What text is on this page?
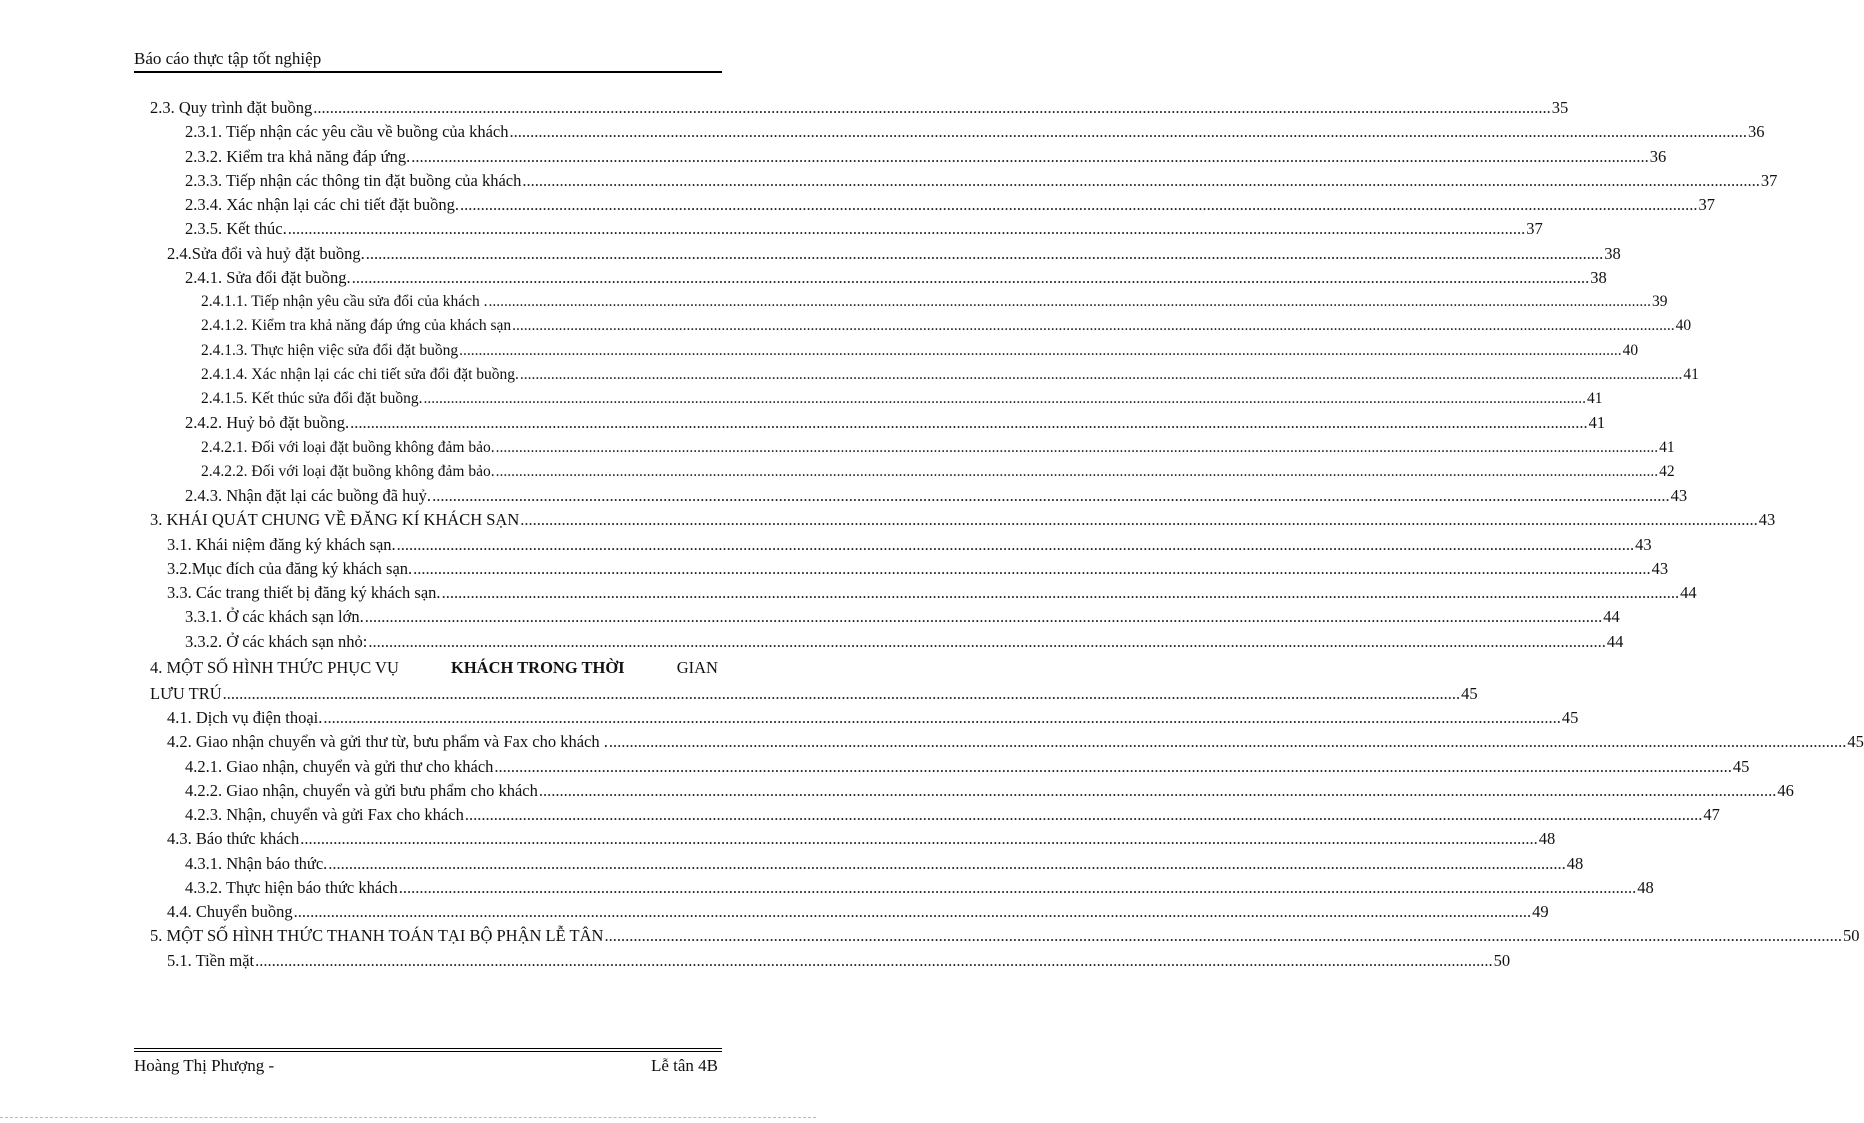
Báo cáo thực tập tốt nghiệp
2.3. Quy trình đặt buồng ............................................................................................................................................................................................................................................................................................................ 35
2.3.1. Tiếp nhận các yêu cầu về buồng của khách ............................................................................................................................................................................................................................................................................................................ 36
2.3.2. Kiểm tra khả năng đáp ứng. ............................................................................................................................................................................................................................................................................................................ 36
2.3.3. Tiếp nhận các thông tin đặt buồng của khách ............................................................................................................................................................................................................................................................................................................ 37
2.3.4. Xác nhận lại các chi tiết đặt buồng. ............................................................................................................................................................................................................................................................................................................ 37
2.3.5. Kết thúc. ............................................................................................................................................................................................................................................................................................................ 37
2.4.Sửa đổi và huỷ đặt buồng. ............................................................................................................................................................................................................................................................................................................ 38
2.4.1. Sửa đổi đặt buồng. ............................................................................................................................................................................................................................................................................................................ 38
2.4.1.1. Tiếp nhận yêu cầu sửa đổi của khách . ............................................................................................................................................................................................................................................................................................................ 39
2.4.1.2. Kiểm tra khả năng đáp ứng của khách sạn ............................................................................................................................................................................................................................................................................................................ 40
2.4.1.3. Thực hiện việc sửa đổi đặt buồng ............................................................................................................................................................................................................................................................................................................ 40
2.4.1.4. Xác nhận lại các chi tiết sửa đổi đặt buồng. ............................................................................................................................................................................................................................................................................................................ 41
2.4.1.5. Kết thúc sửa đổi đặt buồng. ............................................................................................................................................................................................................................................................................................................ 41
2.4.2. Huỷ bỏ đặt buồng. ............................................................................................................................................................................................................................................................................................................ 41
2.4.2.1. Đối với loại đặt buồng không đảm bảo. ............................................................................................................................................................................................................................................................................................................ 41
2.4.2.2. Đối với loại đặt buồng không đảm bảo. ............................................................................................................................................................................................................................................................................................................ 42
2.4.3. Nhận đặt lại các buồng đã huỷ. ............................................................................................................................................................................................................................................................................................................ 43
3. KHÁI QUÁT CHUNG VỀ ĐĂNG KÍ KHÁCH SẠN ............................................................................................................................................................................................................................................................................................................ 43
3.1. Khái niệm đăng ký khách sạn. ............................................................................................................................................................................................................................................................................................................ 43
3.2.Mục đích của đăng ký khách sạn. ............................................................................................................................................................................................................................................................................................................ 43
3.3. Các trang thiết bị đăng ký khách sạn. ............................................................................................................................................................................................................................................................................................................ 44
3.3.1. Ở các khách sạn lớn. ............................................................................................................................................................................................................................................................................................................ 44
3.3.2. Ở các khách sạn nhỏ: ............................................................................................................................................................................................................................................................................................................ 44
4. MỘT SỐ HÌNH THỨC PHỤC VỤ	KHÁCH TRONG THỜI	GIAN
LƯU TRÚ ............................................................................................................................................................................................................................................................................................................ 45
4.1. Dịch vụ điện thoại. ............................................................................................................................................................................................................................................................................................................ 45
4.2. Giao nhận chuyển và gửi thư từ, bưu phẩm và Fax cho khách . ............................................................................................................................................................................................................................................................................................................ 45
4.2.1. Giao nhận, chuyển và gửi thư cho khách ............................................................................................................................................................................................................................................................................................................ 45
4.2.2. Giao nhận, chuyển và gửi bưu phẩm cho khách ............................................................................................................................................................................................................................................................................................................ 46
4.2.3. Nhận, chuyển và gửi Fax cho khách ............................................................................................................................................................................................................................................................................................................ 47
4.3. Báo thức khách ............................................................................................................................................................................................................................................................................................................ 48
4.3.1. Nhận báo thức. ............................................................................................................................................................................................................................................................................................................ 48
4.3.2. Thực hiện báo thức khách ............................................................................................................................................................................................................................................................................................................ 48
4.4. Chuyển buồng ............................................................................................................................................................................................................................................................................................................ 49
5. MỘT SỐ HÌNH THỨC THANH TOÁN TẠI BỘ PHẬN LỄ TÂN ............................................................................................................................................................................................................................................................................................................ 50
5.1. Tiền mặt ............................................................................................................................................................................................................................................................................................................ 50
Hoàng Thị Phượng -	Lễ tân 4B
